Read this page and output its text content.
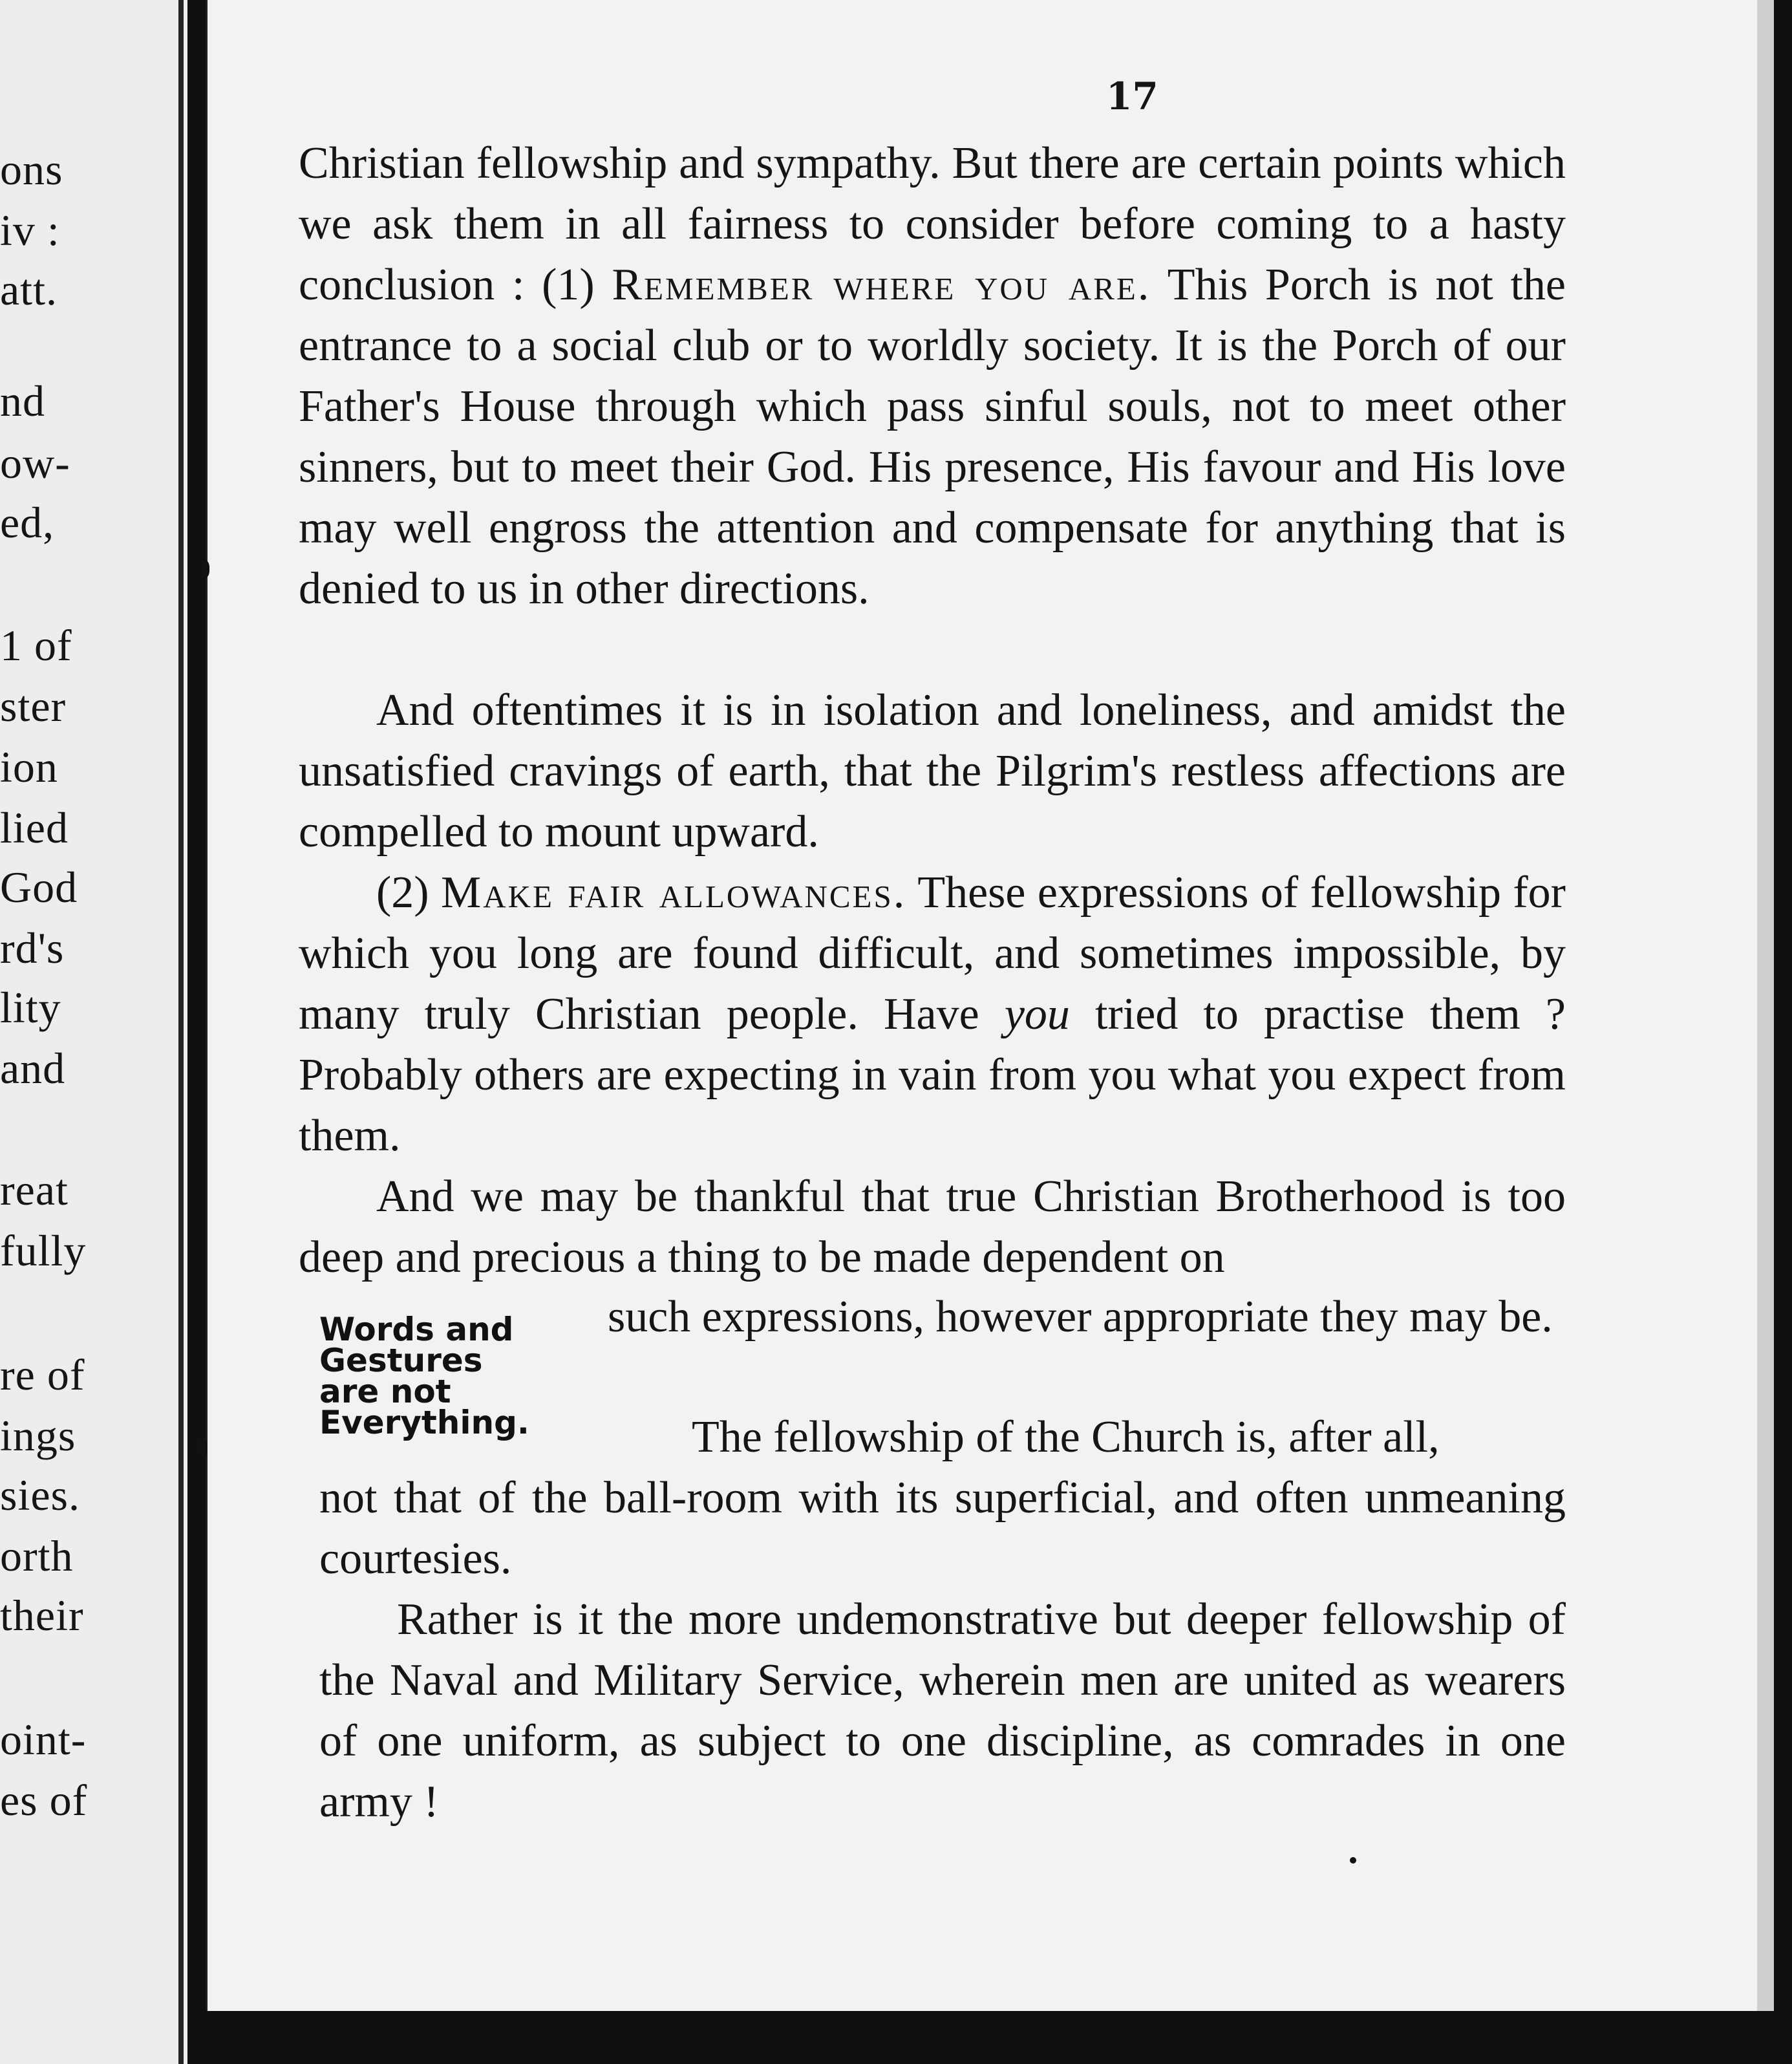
ons
iv :
att.
nd
ow-
ed,
1 of
ster
ion
lied
God
rd's
lity
and
reat
fully
re of
ings
sies.
orth
their
oint-
es of
17

Christian fellowship and sympathy. But there are certain points which we ask them in all fairness to consider before coming to a hasty conclusion : (1) Remember where you are. This Porch is not the entrance to a social club or to worldly society. It is the Porch of our Father's House through which pass sinful souls, not to meet other sinners, but to meet their God. His presence, His favour and His love may well engross the attention and compensate for anything that is denied to us in other directions.

And oftentimes it is in isolation and loneliness, and amidst the unsatisfied cravings of earth, that the Pilgrim's restless affections are compelled to mount upward.

(2) Make fair allowances. These expressions of fellowship for which you long are found difficult, and sometimes impossible, by many truly Christian people. Have you tried to practise them ? Probably others are expecting in vain from you what you expect from them.

And we may be thankful that true Christian Brotherhood is too deep and precious a thing to be made dependent on

such expressions, however appropriate they may be.

The fellowship of the Church is, after all,

not that of the ball-room with its superficial, and often unmeaning courtesies.

Rather is it the more undemonstrative but deeper fellowship of the Naval and Military Service, wherein men are united as wearers of one uniform, as subject to one discipline, as comrades in one army !

Words and
Gestures
are not
Everything.
